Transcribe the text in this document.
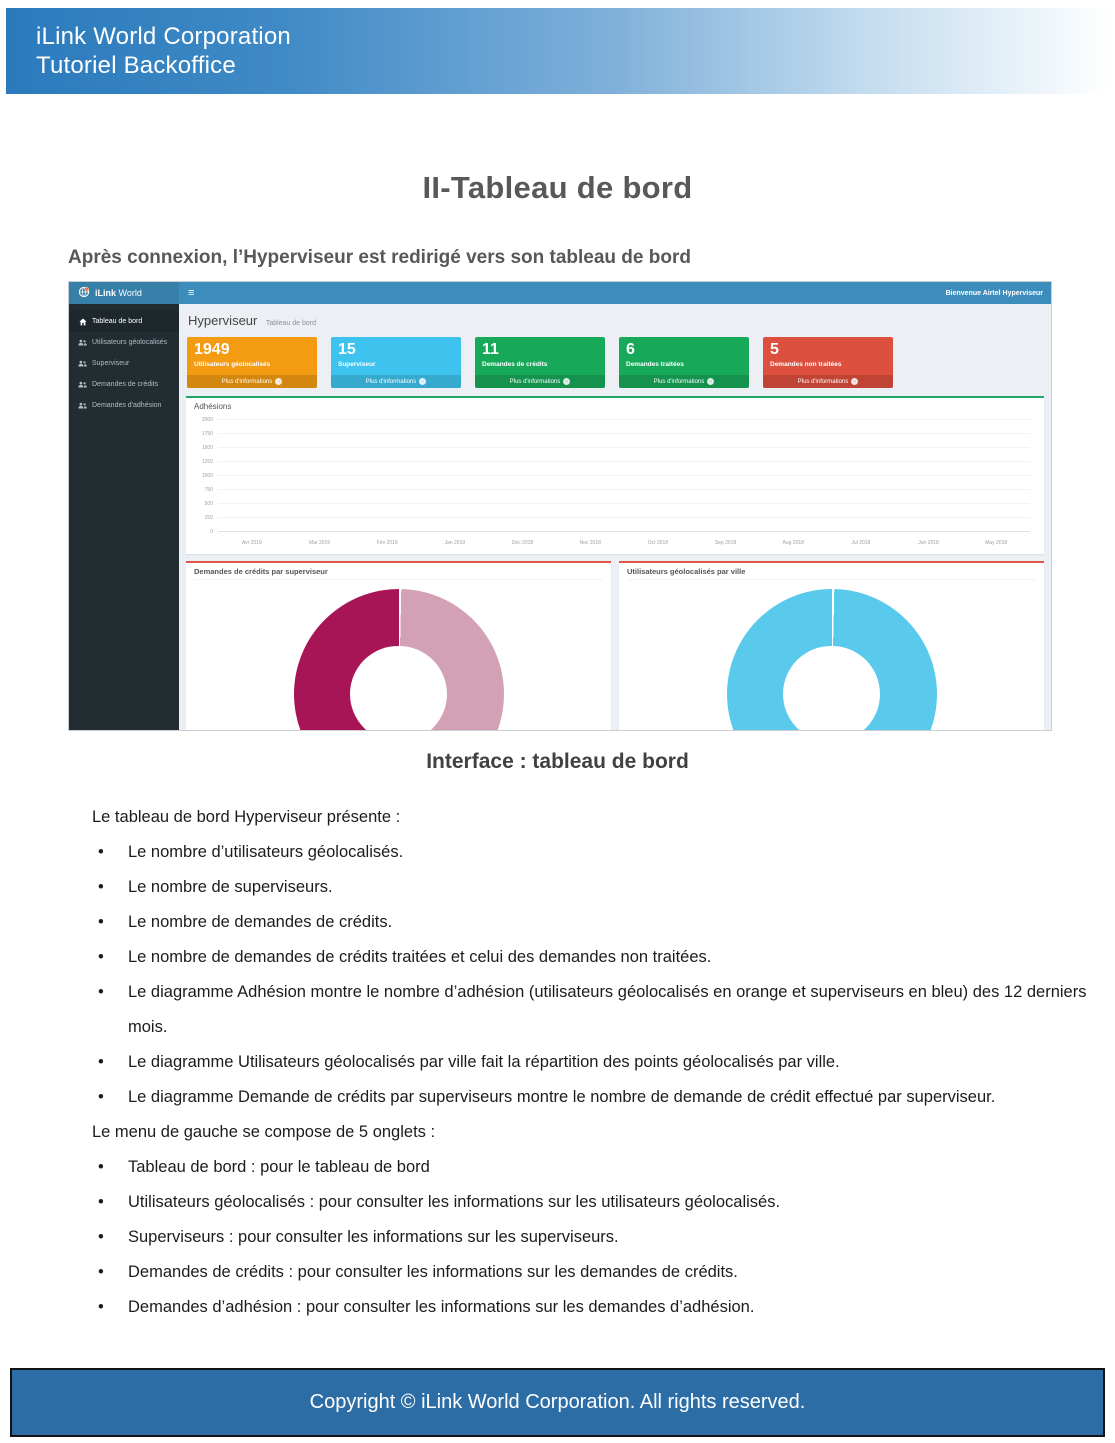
iLink World Corporation
Tutoriel Backoffice
II-Tableau de bord
Après connexion, l’Hyperviseur est redirigé vers son tableau de bord
iLink World	≡	Bienvenue Airtel Hyperviseur
Tableau de bord
Utilisateurs géolocalisés
Superviseur
Demandes de crédits
Demandes d'adhésion
Hyperviseur Tableau de bord
1949
Utilisateurs géolocalisés
Plus d'informations →
15
Superviseur
Plus d'informations →
11
Demandes de crédits
Plus d'informations →
6
Demandes traitées
Plus d'informations →
5
Demandes non traitées
Plus d'informations →
Adhésions
0
250
500
750
1000
1250
1500
1750
2000
Avr 2019	Mar 2019	Fév 2019	Jan 2019	Déc 2018	Nov 2018	Oct 2018	Sep 2018	Aug 2018	Jul 2018	Jun 2018	May 2018
Demandes de crédits par superviseur	Utilisateurs géolocalisés par ville
Interface : tableau de bord

Le tableau de bord Hyperviseur présente :

•	Le nombre d’utilisateurs géolocalisés.
•	Le nombre de superviseurs.
•	Le nombre de demandes de crédits.
•	Le nombre de demandes de crédits traitées et celui des demandes non traitées.
•	Le diagramme Adhésion montre le nombre d’adhésion (utilisateurs géolocalisés en orange et superviseurs en bleu) des 12 derniers mois.
•	Le diagramme Utilisateurs géolocalisés par ville fait la répartition des points géolocalisés par ville.
•	Le diagramme Demande de crédits par superviseurs montre le nombre de demande de crédit effectué par superviseur.

Le menu de gauche se compose de 5 onglets :

•	Tableau de bord : pour le tableau de bord
•	Utilisateurs géolocalisés : pour consulter les informations sur les utilisateurs géolocalisés.
•	Superviseurs : pour consulter les informations sur les superviseurs.
•	Demandes de crédits : pour consulter les informations sur les demandes de crédits.
•	Demandes d’adhésion : pour consulter les informations sur les demandes d’adhésion.
Copyright © iLink World Corporation. All rights reserved.
